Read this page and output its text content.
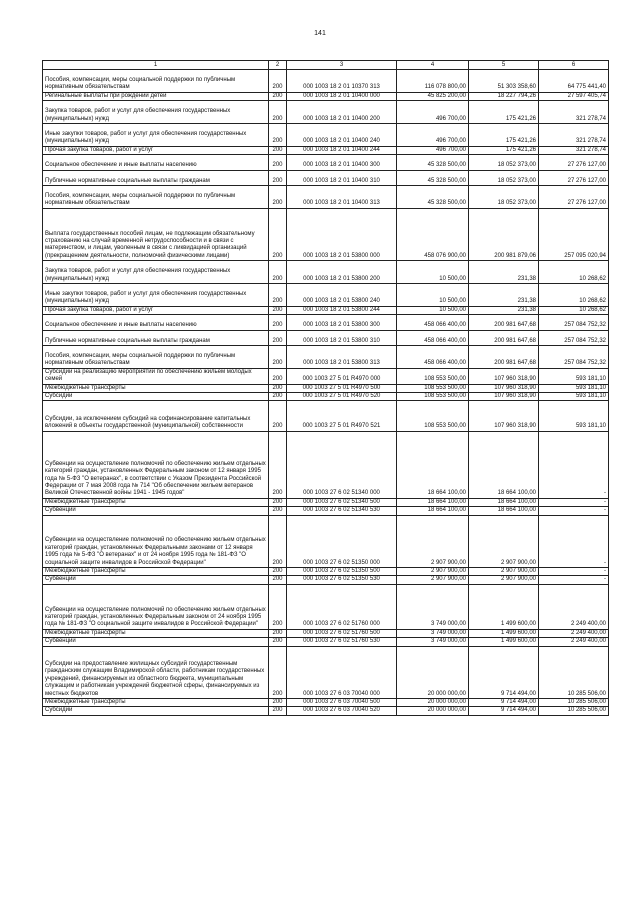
141
1	2	3	4	5	6
Пособия, компенсации, меры социальной поддержки по публичным нормативным обязательствам	200	000 1003 18 2 01 10370 313	116 078 800,00	51 303 358,60	64 775 441,40
Регинальные выплаты при рождении детей	200	000 1003 18 2 01 10400 000	45 825 200,00	18 227 794,26	27 597 405,74
Закупка товаров, работ и услуг для обеспечения государственных (муниципальных) нужд	200	000 1003 18 2 01 10400 200	496 700,00	175 421,26	321 278,74
Иные закупки товаров, работ и услуг для обеспечения государственных (муниципальных) нужд	200	000 1003 18 2 01 10400 240	496 700,00	175 421,26	321 278,74
Прочая закупка товаров, работ и услуг	200	000 1003 18 2 01 10400 244	496 700,00	175 421,26	321 278,74
Социальное обеспечение и иные выплаты населению	200	000 1003 18 2 01 10400 300	45 328 500,00	18 052 373,00	27 276 127,00
Публичные нормативные социальные выплаты гражданам	200	000 1003 18 2 01 10400 310	45 328 500,00	18 052 373,00	27 276 127,00
Пособия, компенсации, меры социальной поддержки по публичным нормативным обязательствам	200	000 1003 18 2 01 10400 313	45 328 500,00	18 052 373,00	27 276 127,00
Выплата государственных пособий лицам, не подлежащим обязательному страхованию на случай временной нетрудоспособности и в связи с материнством, и лицам, уволенным в связи с ликвидацией организаций (прекращением деятельности, полномочий физическими лицами)	200	000 1003 18 2 01 53800 000	458 076 900,00	200 981 879,06	257 095 020,94
Закупка товаров, работ и услуг для обеспечения государственных (муниципальных) нужд	200	000 1003 18 2 01 53800 200	10 500,00	231,38	10 268,62
Иные закупки товаров, работ и услуг для обеспечения государственных (муниципальных) нужд	200	000 1003 18 2 01 53800 240	10 500,00	231,38	10 268,62
Прочая закупка товаров, работ и услуг	200	000 1003 18 2 01 53800 244	10 500,00	231,38	10 268,62
Социальное обеспечение и иные выплаты населению	200	000 1003 18 2 01 53800 300	458 066 400,00	200 981 647,68	257 084 752,32
Публичные нормативные социальные выплаты гражданам	200	000 1003 18 2 01 53800 310	458 066 400,00	200 981 647,68	257 084 752,32
Пособия, компенсации, меры социальной поддержки по публичным нормативным обязательствам	200	000 1003 18 2 01 53800 313	458 066 400,00	200 981 647,68	257 084 752,32
Субсидии на реализацию мероприятий по обеспечению жильем молодых семей	200	000 1003 27 5 01 R4970 000	108 553 500,00	107 960 318,90	593 181,10
Межбюджетные трансферты	200	000 1003 27 5 01 R4970 500	108 553 500,00	107 960 318,90	593 181,10
Субсидии	200	000 1003 27 5 01 R4970 520	108 553 500,00	107 960 318,90	593 181,10
Субсидии, за исключением субсидий на софинансирование капитальных вложений в объекты государственной (муниципальной) собственности	200	000 1003 27 5 01 R4970 521	108 553 500,00	107 960 318,90	593 181,10
Субвенции на осуществление полномочий по обеспечению жильем отдельных категорий граждан, установленных Федеральным законом от 12 января 1995 года № 5-ФЗ "О ветеранах", в соответствии с Указом Президента Российской Федерации от 7 мая 2008 года № 714 "Об обеспечении жильем ветеранов Великой Отечественной войны 1941 - 1945 годов"	200	000 1003 27 6 02 51340 000	18 664 100,00	18 664 100,00	-
Межбюджетные трансферты	200	000 1003 27 6 02 51340 500	18 664 100,00	18 664 100,00	-
Субвенции	200	000 1003 27 6 02 51340 530	18 664 100,00	18 664 100,00	-
Субвенции на осуществление полномочий по обеспечению жильем отдельных категорий граждан, установленных Федеральными законами от 12 января 1995 года № 5-ФЗ "О ветеранах" и от 24 ноября 1995 года № 181-ФЗ "О социальной защите инвалидов в Российской Федерации"	200	000 1003 27 6 02 51350 000	2 907 900,00	2 907 900,00	-
Межбюджетные трансферты	200	000 1003 27 6 02 51350 500	2 907 900,00	2 907 900,00	-
Субвенции	200	000 1003 27 6 02 51350 530	2 907 900,00	2 907 900,00	-
Субвенции на осуществление полномочий по обеспечению жильем отдельных категорий граждан, установленных Федеральным законом от 24 ноября 1995 года № 181-ФЗ "О социальной защите инвалидов в Российской Федерации"	200	000 1003 27 6 02 51760 000	3 749 000,00	1 499 600,00	2 249 400,00
Межбюджетные трансферты	200	000 1003 27 6 02 51760 500	3 749 000,00	1 499 600,00	2 249 400,00
Субвенции	200	000 1003 27 6 02 51760 530	3 749 000,00	1 499 600,00	2 249 400,00
Субсидии на предоставление жилищных субсидий государственным гражданским служащим Владимирской области, работникам государственных учреждений, финансируемых из областного бюджета, муниципальным служащим и работникам учреждений бюджетной сферы, финансируемых из местных бюджетов	200	000 1003 27 6 03 70040 000	20 000 000,00	9 714 494,00	10 285 506,00
Межбюджетные трансферты	200	000 1003 27 6 03 70040 500	20 000 000,00	9 714 494,00	10 285 506,00
Субсидии	200	000 1003 27 6 03 70040 520	20 000 000,00	9 714 494,00	10 285 506,00
